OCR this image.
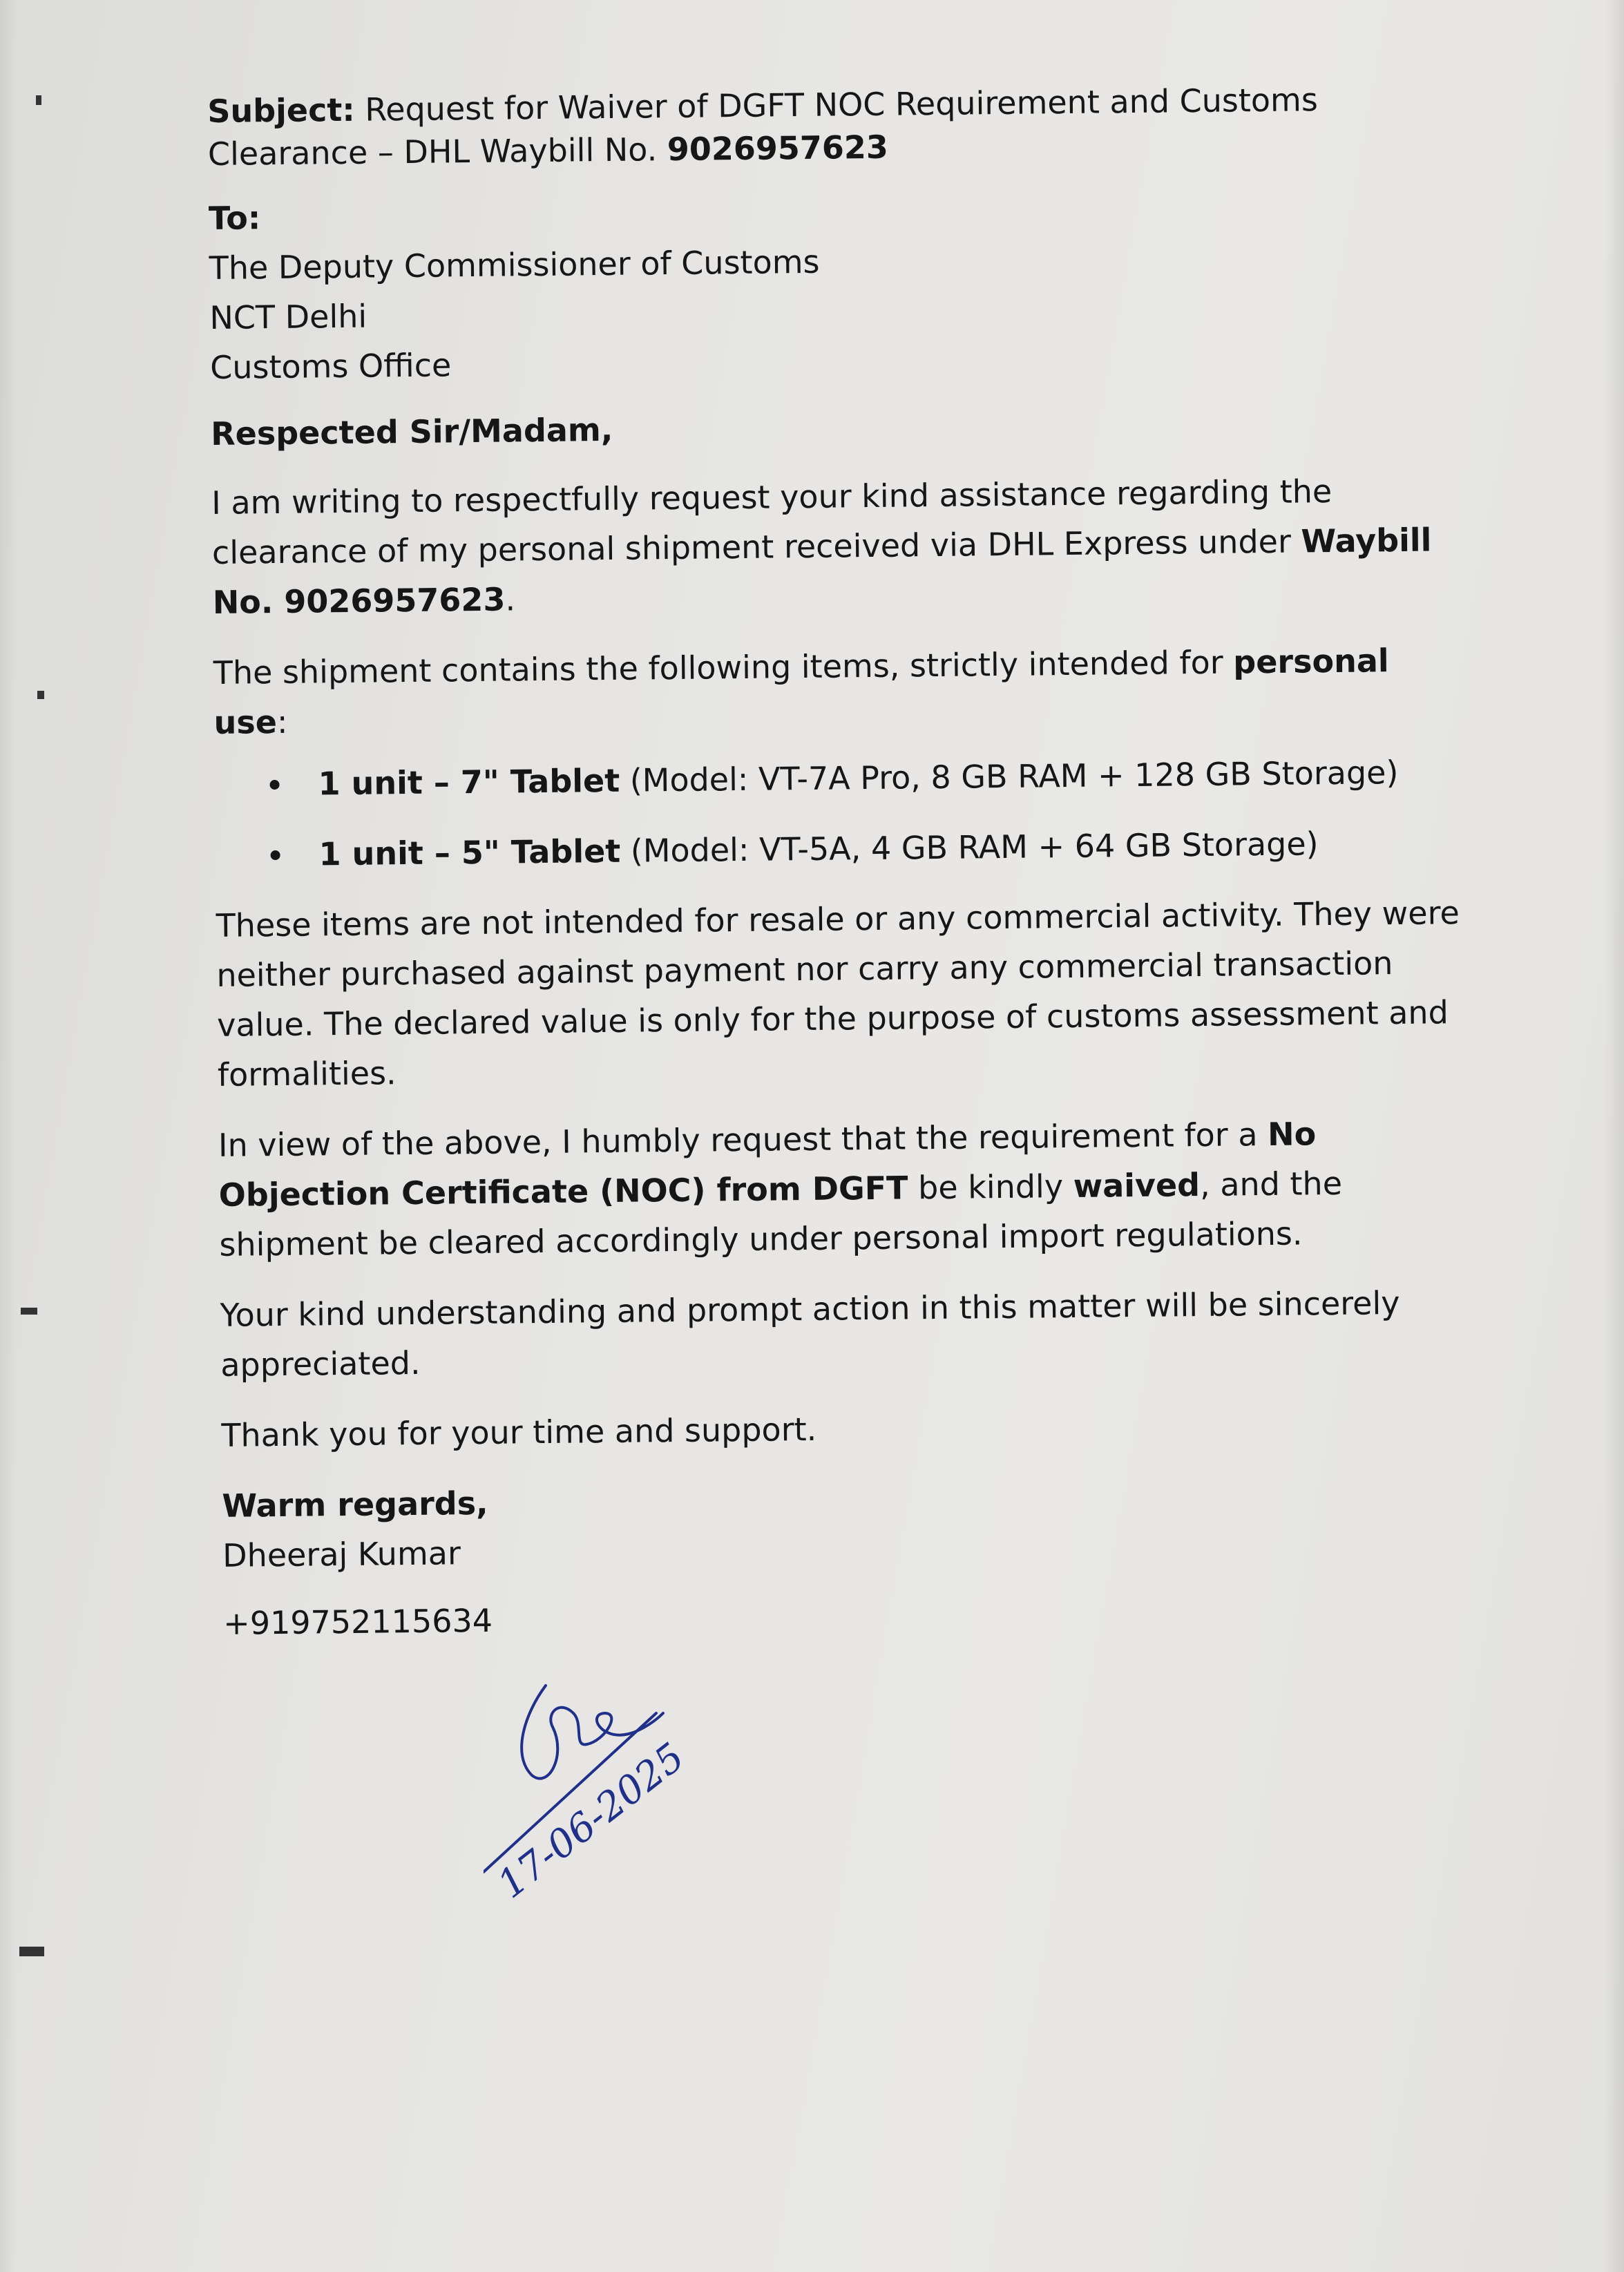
Subject: Request for Waiver of DGFT NOC Requirement and Customs Clearance – DHL Waybill No. 9026957623

To:

The Deputy Commissioner of Customs
NCT Delhi
Customs Office

Respected Sir/Madam,

I am writing to respectfully request your kind assistance regarding the clearance of my personal shipment received via DHL Express under Waybill No. 9026957623.

The shipment contains the following items, strictly intended for personal use:

1 unit – 7" Tablet (Model: VT-7A Pro, 8 GB RAM + 128 GB Storage)
1 unit – 5" Tablet (Model: VT-5A, 4 GB RAM + 64 GB Storage)

These items are not intended for resale or any commercial activity. They were neither purchased against payment nor carry any commercial transaction value. The declared value is only for the purpose of customs assessment and formalities.

In view of the above, I humbly request that the requirement for a No Objection Certificate (NOC) from DGFT be kindly waived, and the shipment be cleared accordingly under personal import regulations.

Your kind understanding and prompt action in this matter will be sincerely appreciated.

Thank you for your time and support.

Warm regards,

Dheeraj Kumar

+919752115634

17-06-2025
